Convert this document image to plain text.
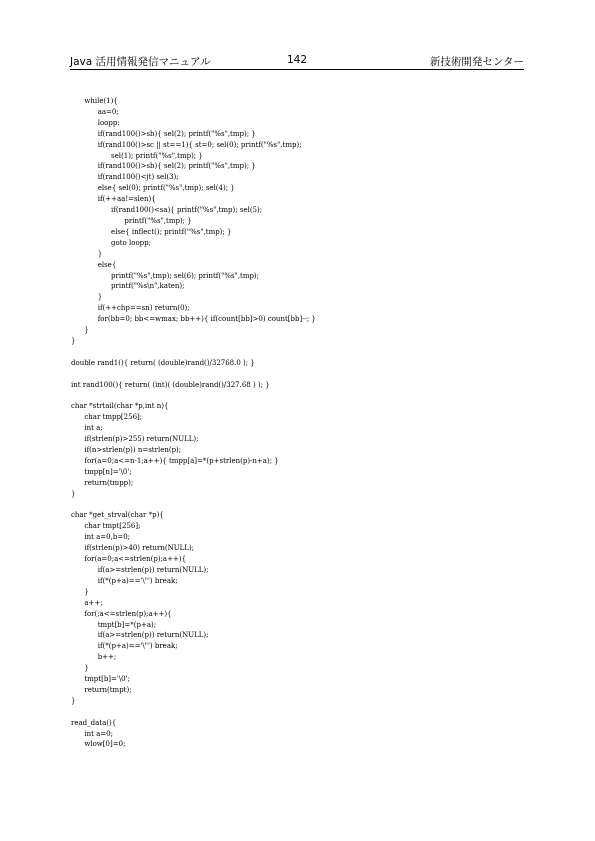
Java 活用情報発信マニュアル	142	新技術開発センター
while(1){
aa=0;
loopp:
if(rand100()>sh){ sel(2); printf("%s",tmp); }
if(rand100()>sc || st==1){ st=0; sel(0); printf("%s",tmp);
sel(1); printf("%s",tmp); }
if(rand100()>sh){ sel(2); printf("%s",tmp); }
if(rand100()<jt) sel(3);
else{ sel(0); printf("%s",tmp); sel(4); }
if(++aa!=slen){
if(rand100()<sa){ printf("%s",tmp); sel(5);
printf("%s",tmp); }
else{ inflect(); printf("%s",tmp); }
goto loopp;
}
else{
printf("%s",tmp); sel(6); printf("%s",tmp);
printf("%s\n",katen);
}
if(++chp==sn) return(0);
for(bb=0; bb<=wmax; bb++){ if(count[bb]>0) count[bb]--; }
}
}
double rand1(){ return( (double)rand()/32768.0 ); }
int rand100(){ return( (int)( (double)rand()/327.68 ) ); }
char *strtail(char *p,int n){
char tmpp[256];
int a;
if(strlen(p)>255) return(NULL);
if(n>strlen(p)) n=strlen(p);
for(a=0;a<=n-1;a++){ tmpp[a]=*(p+strlen(p)-n+a); }
tmpp[n]='\0';
return(tmpp);
}
char *get_strval(char *p){
char tmpt[256];
int a=0,b=0;
if(strlen(p)>40) return(NULL);
for(a=0;a<=strlen(p);a++){
if(a>=strlen(p)) return(NULL);
if(*(p+a)=='\"') break;
}
a++;
for(;a<=strlen(p);a++){
tmpt[b]=*(p+a);
if(a>=strlen(p)) return(NULL);
if(*(p+a)=='\"') break;
b++;
}
tmpt[b]='\0';
return(tmpt);
}
read_data(){
int a=0;
wlow[0]=0;
